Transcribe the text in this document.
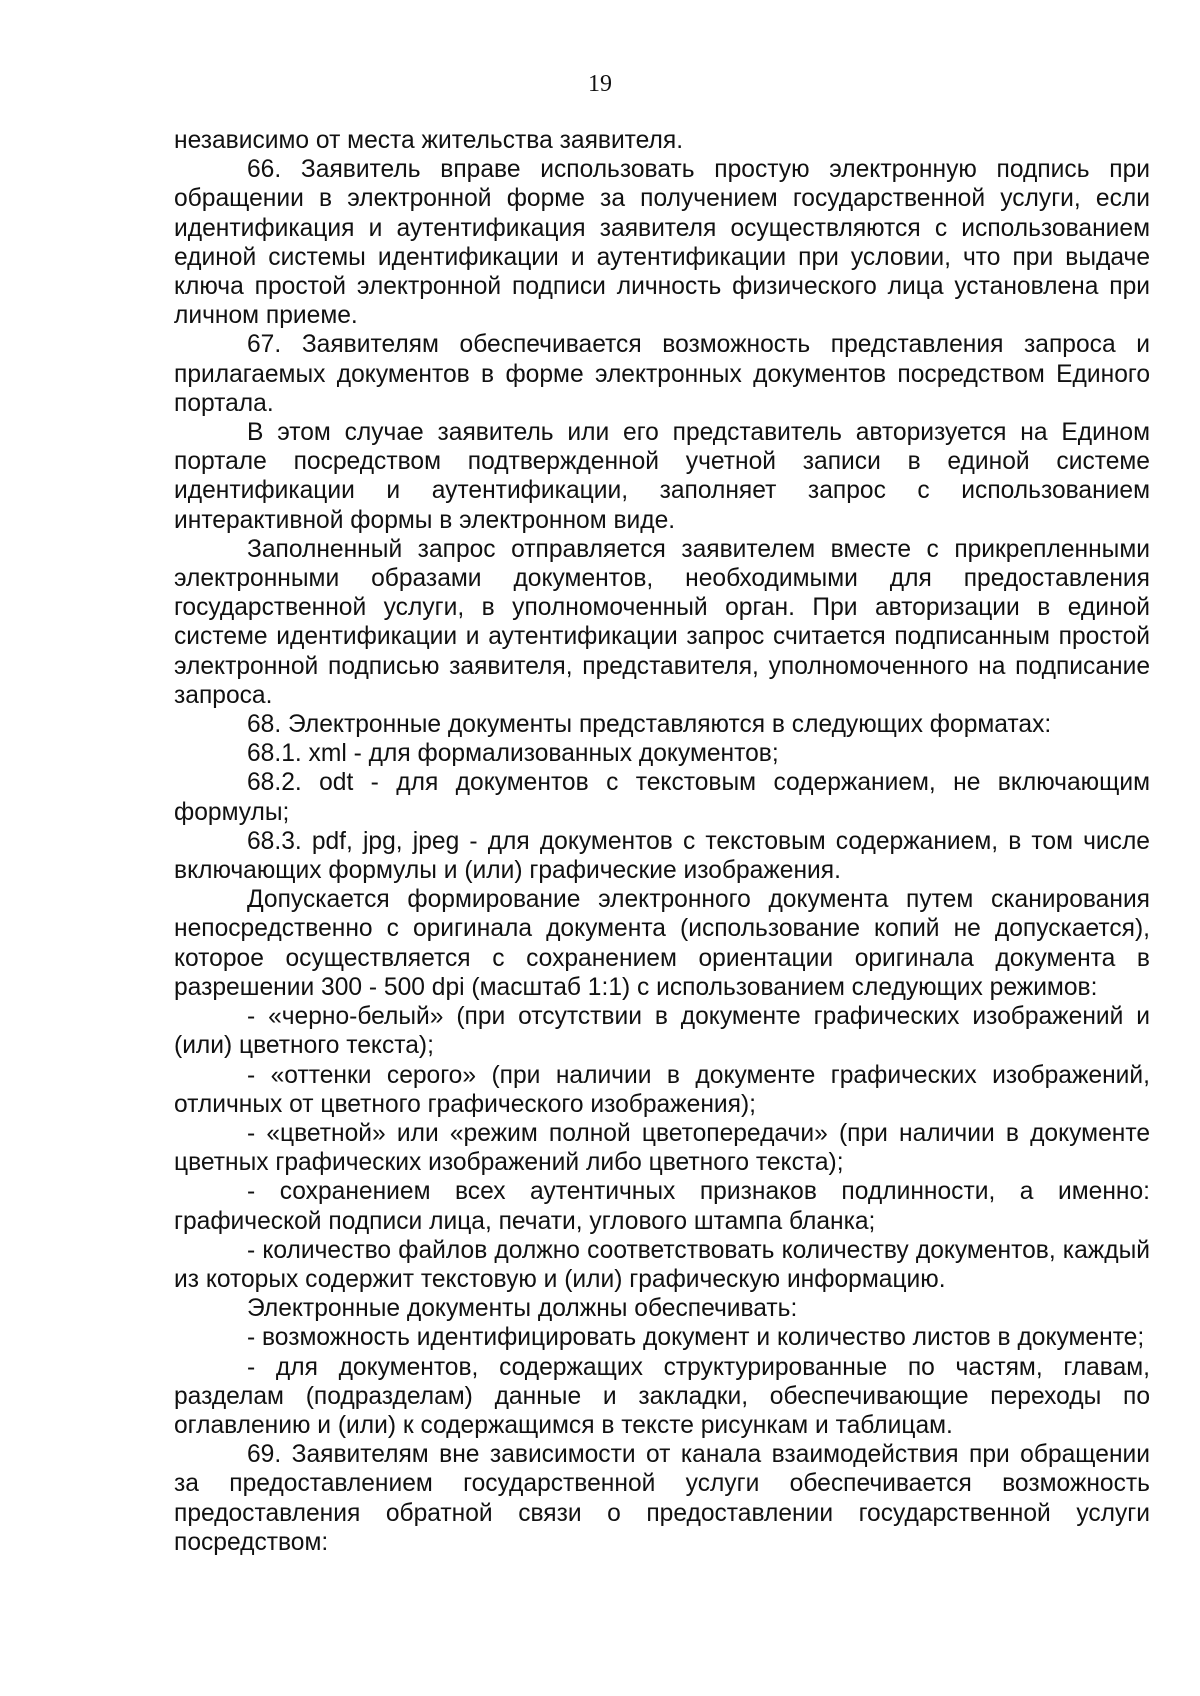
19

независимо от места жительства заявителя.

66. Заявитель вправе использовать простую электронную подпись при обращении в электронной форме за получением государственной услуги, если идентификация и аутентификация заявителя осуществляются с использованием единой системы идентификации и аутентификации при условии, что при выдаче ключа простой электронной подписи личность физического лица установлена при личном приеме.

67. Заявителям обеспечивается возможность представления запроса и прилагаемых документов в форме электронных документов посредством Единого портала.

В этом случае заявитель или его представитель авторизуется на Едином портале посредством подтвержденной учетной записи в единой системе идентификации и аутентификации, заполняет запрос с использованием интерактивной формы в электронном виде.

Заполненный запрос отправляется заявителем вместе с прикрепленными электронными образами документов, необходимыми для предоставления государственной услуги, в уполномоченный орган. При авторизации в единой системе идентификации и аутентификации запрос считается подписанным простой электронной подписью заявителя, представителя, уполномоченного на подписание запроса.

68. Электронные документы представляются в следующих форматах:

68.1. xml - для формализованных документов;

68.2. odt - для документов с текстовым содержанием, не включающим формулы;

68.3. pdf, jpg, jpeg - для документов с текстовым содержанием, в том числе включающих формулы и (или) графические изображения.

Допускается формирование электронного документа путем сканирования непосредственно с оригинала документа (использование копий не допускается), которое осуществляется с сохранением ориентации оригинала документа в разрешении 300 - 500 dpi (масштаб 1:1) с использованием следующих режимов:

- «черно-белый» (при отсутствии в документе графических изображений и (или) цветного текста);

- «оттенки серого» (при наличии в документе графических изображений, отличных от цветного графического изображения);

- «цветной» или «режим полной цветопередачи» (при наличии в документе цветных графических изображений либо цветного текста);

- сохранением всех аутентичных признаков подлинности, а именно: графической подписи лица, печати, углового штампа бланка;

- количество файлов должно соответствовать количеству документов, каждый из которых содержит текстовую и (или) графическую информацию.

Электронные документы должны обеспечивать:

- возможность идентифицировать документ и количество листов в документе;

- для документов, содержащих структурированные по частям, главам, разделам (подразделам) данные и закладки, обеспечивающие переходы по оглавлению и (или) к содержащимся в тексте рисункам и таблицам.

69. Заявителям вне зависимости от канала взаимодействия при обращении за предоставлением государственной услуги обеспечивается возможность предоставления обратной связи о предоставлении государственной услуги посредством:
